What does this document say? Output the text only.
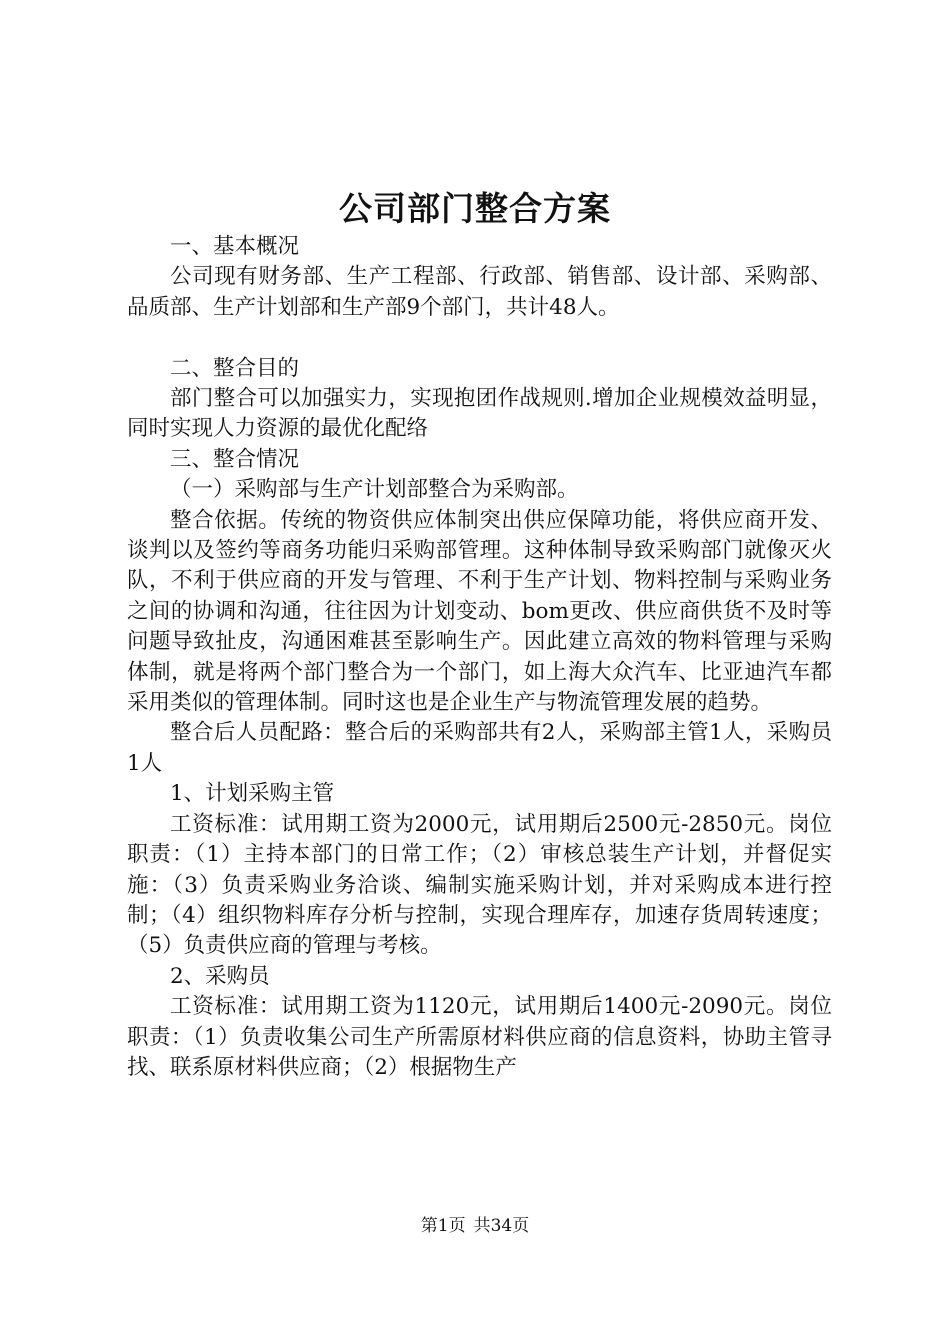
公司部门整合方案

一、基本概况

公司现有财务部、生产工程部、行政部、销售部、设计部、采购部、品质部、生产计划部和生产部9个部门，共计48人。

二、整合目的

部门整合可以加强实力，实现抱团作战规则.增加企业规模效益明显，同时实现人力资源的最优化配络

三、整合情况

（一）采购部与生产计划部整合为采购部。

整合依据。传统的物资供应体制突出供应保障功能，将供应商开发、谈判以及签约等商务功能归采购部管理。这种体制导致采购部门就像灭火队，不利于供应商的开发与管理、不利于生产计划、物料控制与采购业务之间的协调和沟通，往往因为计划变动、bom更改、供应商供货不及时等问题导致扯皮，沟通困难甚至影响生产。因此建立高效的物料管理与采购体制，就是将两个部门整合为一个部门，如上海大众汽车、比亚迪汽车都采用类似的管理体制。同时这也是企业生产与物流管理发展的趋势。

整合后人员配路：整合后的采购部共有2人，采购部主管1人，采购员1人

1、计划采购主管

工资标准：试用期工资为2000元，试用期后2500元-2850元。岗位职责：（1）主持本部门的日常工作；（2）审核总装生产计划，并督促实施：（3）负责采购业务洽谈、编制实施采购计划，并对采购成本进行控制；（4）组织物料库存分析与控制，实现合理库存，加速存货周转速度；（5）负责供应商的管理与考核。

2、采购员

工资标准：试用期工资为1120元，试用期后1400元-2090元。岗位职责：（1）负责收集公司生产所需原材料供应商的信息资料，协助主管寻找、联系原材料供应商；（2）根据物生产

第1页 共34页
